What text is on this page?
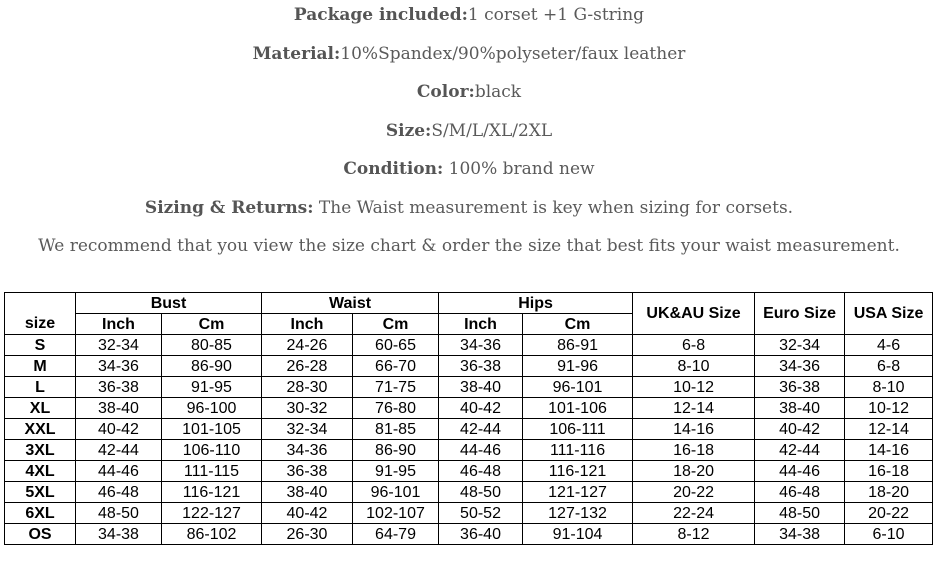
Package included:1 corset +1 G-string
Material:10%Spandex/90%polyseter/faux leather
Color:black
Size:S/M/L/XL/2XL
Condition: 100% brand new
Sizing & Returns: The Waist measurement is key when sizing for corsets.
We recommend that you view the size chart & order the size that best fits your waist measurement.
size	Bust		Waist		Hips		UK&AU Size	Euro Size	USA Size
	Inch	Cm	Inch	Cm	Inch	Cm			
S	32-34	80-85	24-26	60-65	34-36	86-91	6-8	32-34	4-6
M	34-36	86-90	26-28	66-70	36-38	91-96	8-10	34-36	6-8
L	36-38	91-95	28-30	71-75	38-40	96-101	10-12	36-38	8-10
XL	38-40	96-100	30-32	76-80	40-42	101-106	12-14	38-40	10-12
XXL	40-42	101-105	32-34	81-85	42-44	106-111	14-16	40-42	12-14
3XL	42-44	106-110	34-36	86-90	44-46	111-116	16-18	42-44	14-16
4XL	44-46	111-115	36-38	91-95	46-48	116-121	18-20	44-46	16-18
5XL	46-48	116-121	38-40	96-101	48-50	121-127	20-22	46-48	18-20
6XL	48-50	122-127	40-42	102-107	50-52	127-132	22-24	48-50	20-22
OS	34-38	86-102	26-30	64-79	36-40	91-104	8-12	34-38	6-10
